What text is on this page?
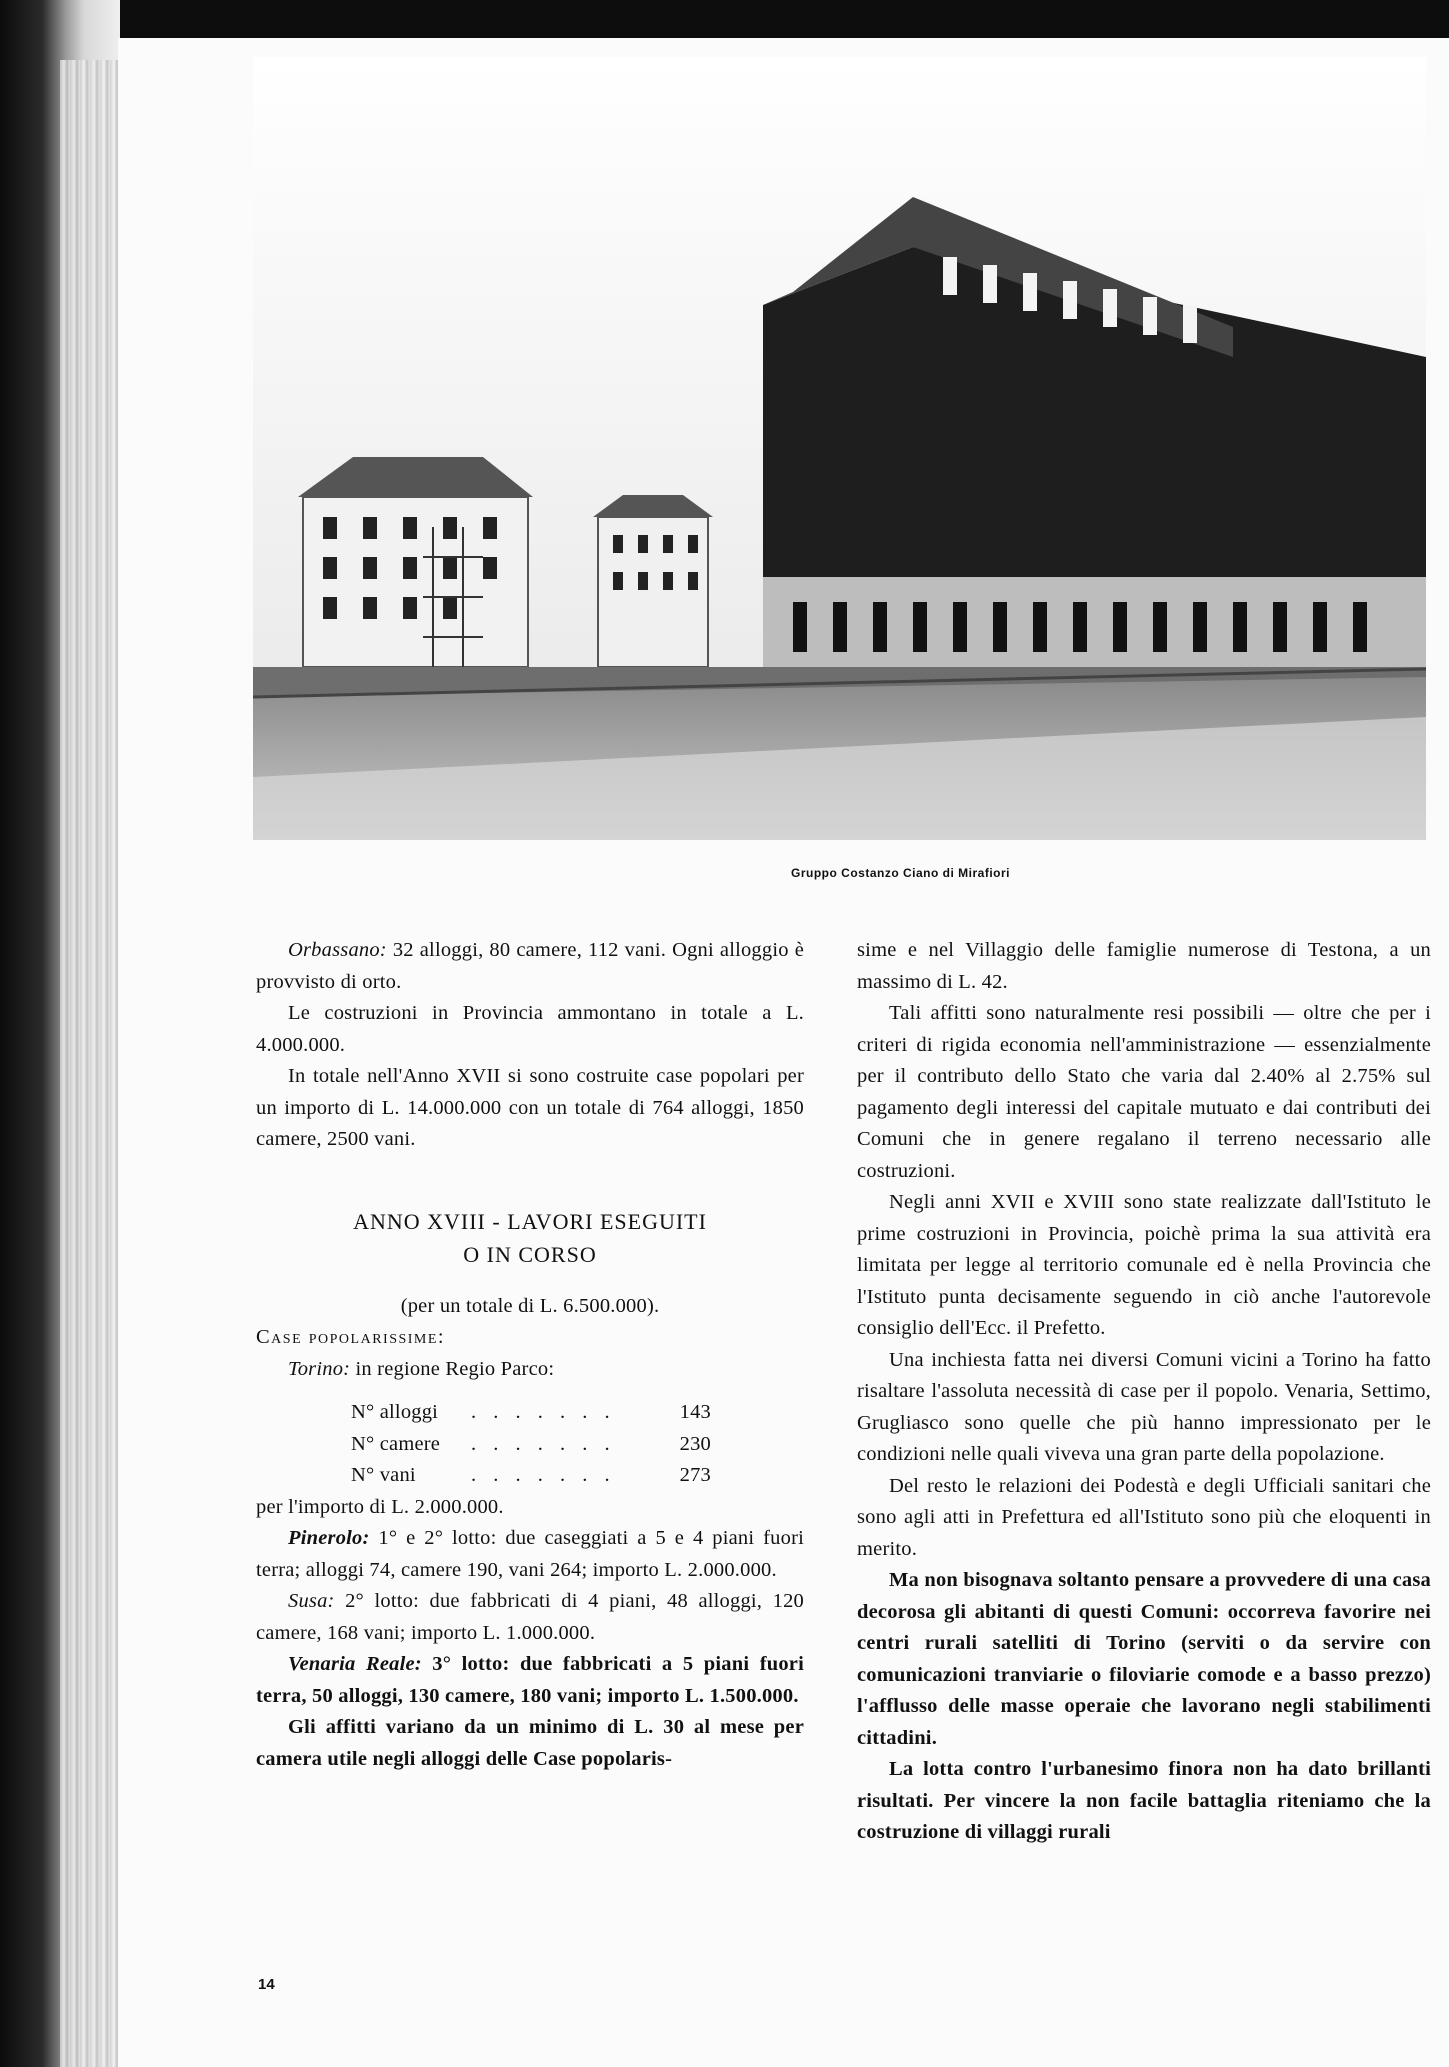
Gruppo Costanzo Ciano di Mirafiori

Orbassano: 32 alloggi, 80 camere, 112 vani. Ogni alloggio è provvisto di orto.

Le costruzioni in Provincia ammontano in totale a L. 4.000.000.

In totale nell'Anno XVII si sono costruite case popolari per un importo di L. 14.000.000 con un totale di 764 alloggi, 1850 camere, 2500 vani.

ANNO XVIII - LAVORI ESEGUITI
O IN CORSO
(per un totale di L. 6.500.000).

Case popolarissime:

Torino: in regione Regio Parco:

N° alloggi	. . . . . . .	143
N° camere	. . . . . . .	230
N° vani	. . . . . . .	273

per l'importo di L. 2.000.000.

Pinerolo: 1° e 2° lotto: due caseggiati a 5 e 4 piani fuori terra; alloggi 74, camere 190, vani 264; importo L. 2.000.000.

Susa: 2° lotto: due fabbricati di 4 piani, 48 alloggi, 120 camere, 168 vani; importo L. 1.000.000.

Venaria Reale: 3° lotto: due fabbricati a 5 piani fuori terra, 50 alloggi, 130 camere, 180 vani; importo L. 1.500.000.

Gli affitti variano da un minimo di L. 30 al mese per camera utile negli alloggi delle Case popolaris-

sime e nel Villaggio delle famiglie numerose di Testona, a un massimo di L. 42.

Tali affitti sono naturalmente resi possibili — oltre che per i criteri di rigida economia nell'amministrazione — essenzialmente per il contributo dello Stato che varia dal 2.40% al 2.75% sul pagamento degli interessi del capitale mutuato e dai contributi dei Comuni che in genere regalano il terreno necessario alle costruzioni.

Negli anni XVII e XVIII sono state realizzate dall'Istituto le prime costruzioni in Provincia, poichè prima la sua attività era limitata per legge al territorio comunale ed è nella Provincia che l'Istituto punta decisamente seguendo in ciò anche l'autorevole consiglio dell'Ecc. il Prefetto.

Una inchiesta fatta nei diversi Comuni vicini a Torino ha fatto risaltare l'assoluta necessità di case per il popolo. Venaria, Settimo, Grugliasco sono quelle che più hanno impressionato per le condizioni nelle quali viveva una gran parte della popolazione.

Del resto le relazioni dei Podestà e degli Ufficiali sanitari che sono agli atti in Prefettura ed all'Istituto sono più che eloquenti in merito.

Ma non bisognava soltanto pensare a provvedere di una casa decorosa gli abitanti di questi Comuni: occorreva favorire nei centri rurali satelliti di Torino (serviti o da servire con comunicazioni tranviarie o filoviarie comode e a basso prezzo) l'afflusso delle masse operaie che lavorano negli stabilimenti cittadini.

La lotta contro l'urbanesimo finora non ha dato brillanti risultati. Per vincere la non facile battaglia riteniamo che la costruzione di villaggi rurali

14
